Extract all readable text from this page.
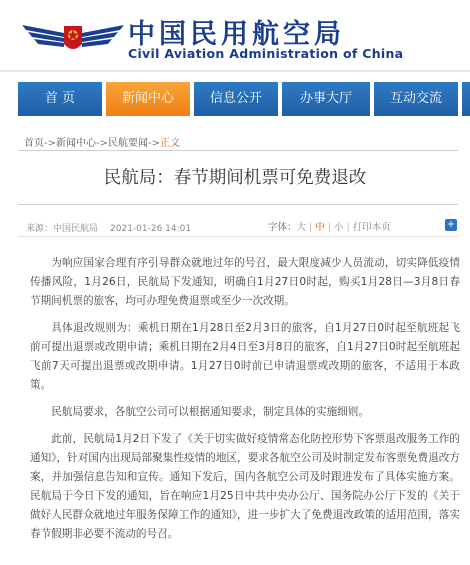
中国民用航空局
Civil Aviation Administration of China
首 页	新闻中心	信息公开	办事大厅	互动交流
首页->新闻中心->民航要闻->正文
民航局：春节期间机票可免费退改
来源：中国民航局 2021-01-26 14:01	字体：大 | 中 | 小 | 打印本页	+

为响应国家合理有序引导群众就地过年的号召，最大限度减少人员流动，切实降低疫情传播风险，1月26日，民航局下发通知，明确自1月27日0时起，购买1月28日—3月8日春节期间机票的旅客，均可办理免费退票或至少一次改期。

具体退改规则为：乘机日期在1月28日至2月3日的旅客，自1月27日0时起至航班起飞前可提出退票或改期申请；乘机日期在2月4日至3月8日的旅客，自1月27日0时起至航班起飞前7天可提出退票或改期申请。1月27日0时前已申请退票或改期的旅客，不适用于本政策。

民航局要求，各航空公司可以根据通知要求，制定具体的实施细则。

此前，民航局1月2日下发了《关于切实做好疫情常态化防控形势下客票退改服务工作的通知》，针对国内出现局部聚集性疫情的地区，要求各航空公司及时制定发布客票免费退改方案，并加强信息告知和宣传。通知下发后，国内各航空公司及时跟进发布了具体实施方案。民航局于今日下发的通知，旨在响应1月25日中共中央办公厅、国务院办公厅下发的《关于做好人民群众就地过年服务保障工作的通知》，进一步扩大了免费退改政策的适用范围，落实春节假期非必要不流动的号召。
